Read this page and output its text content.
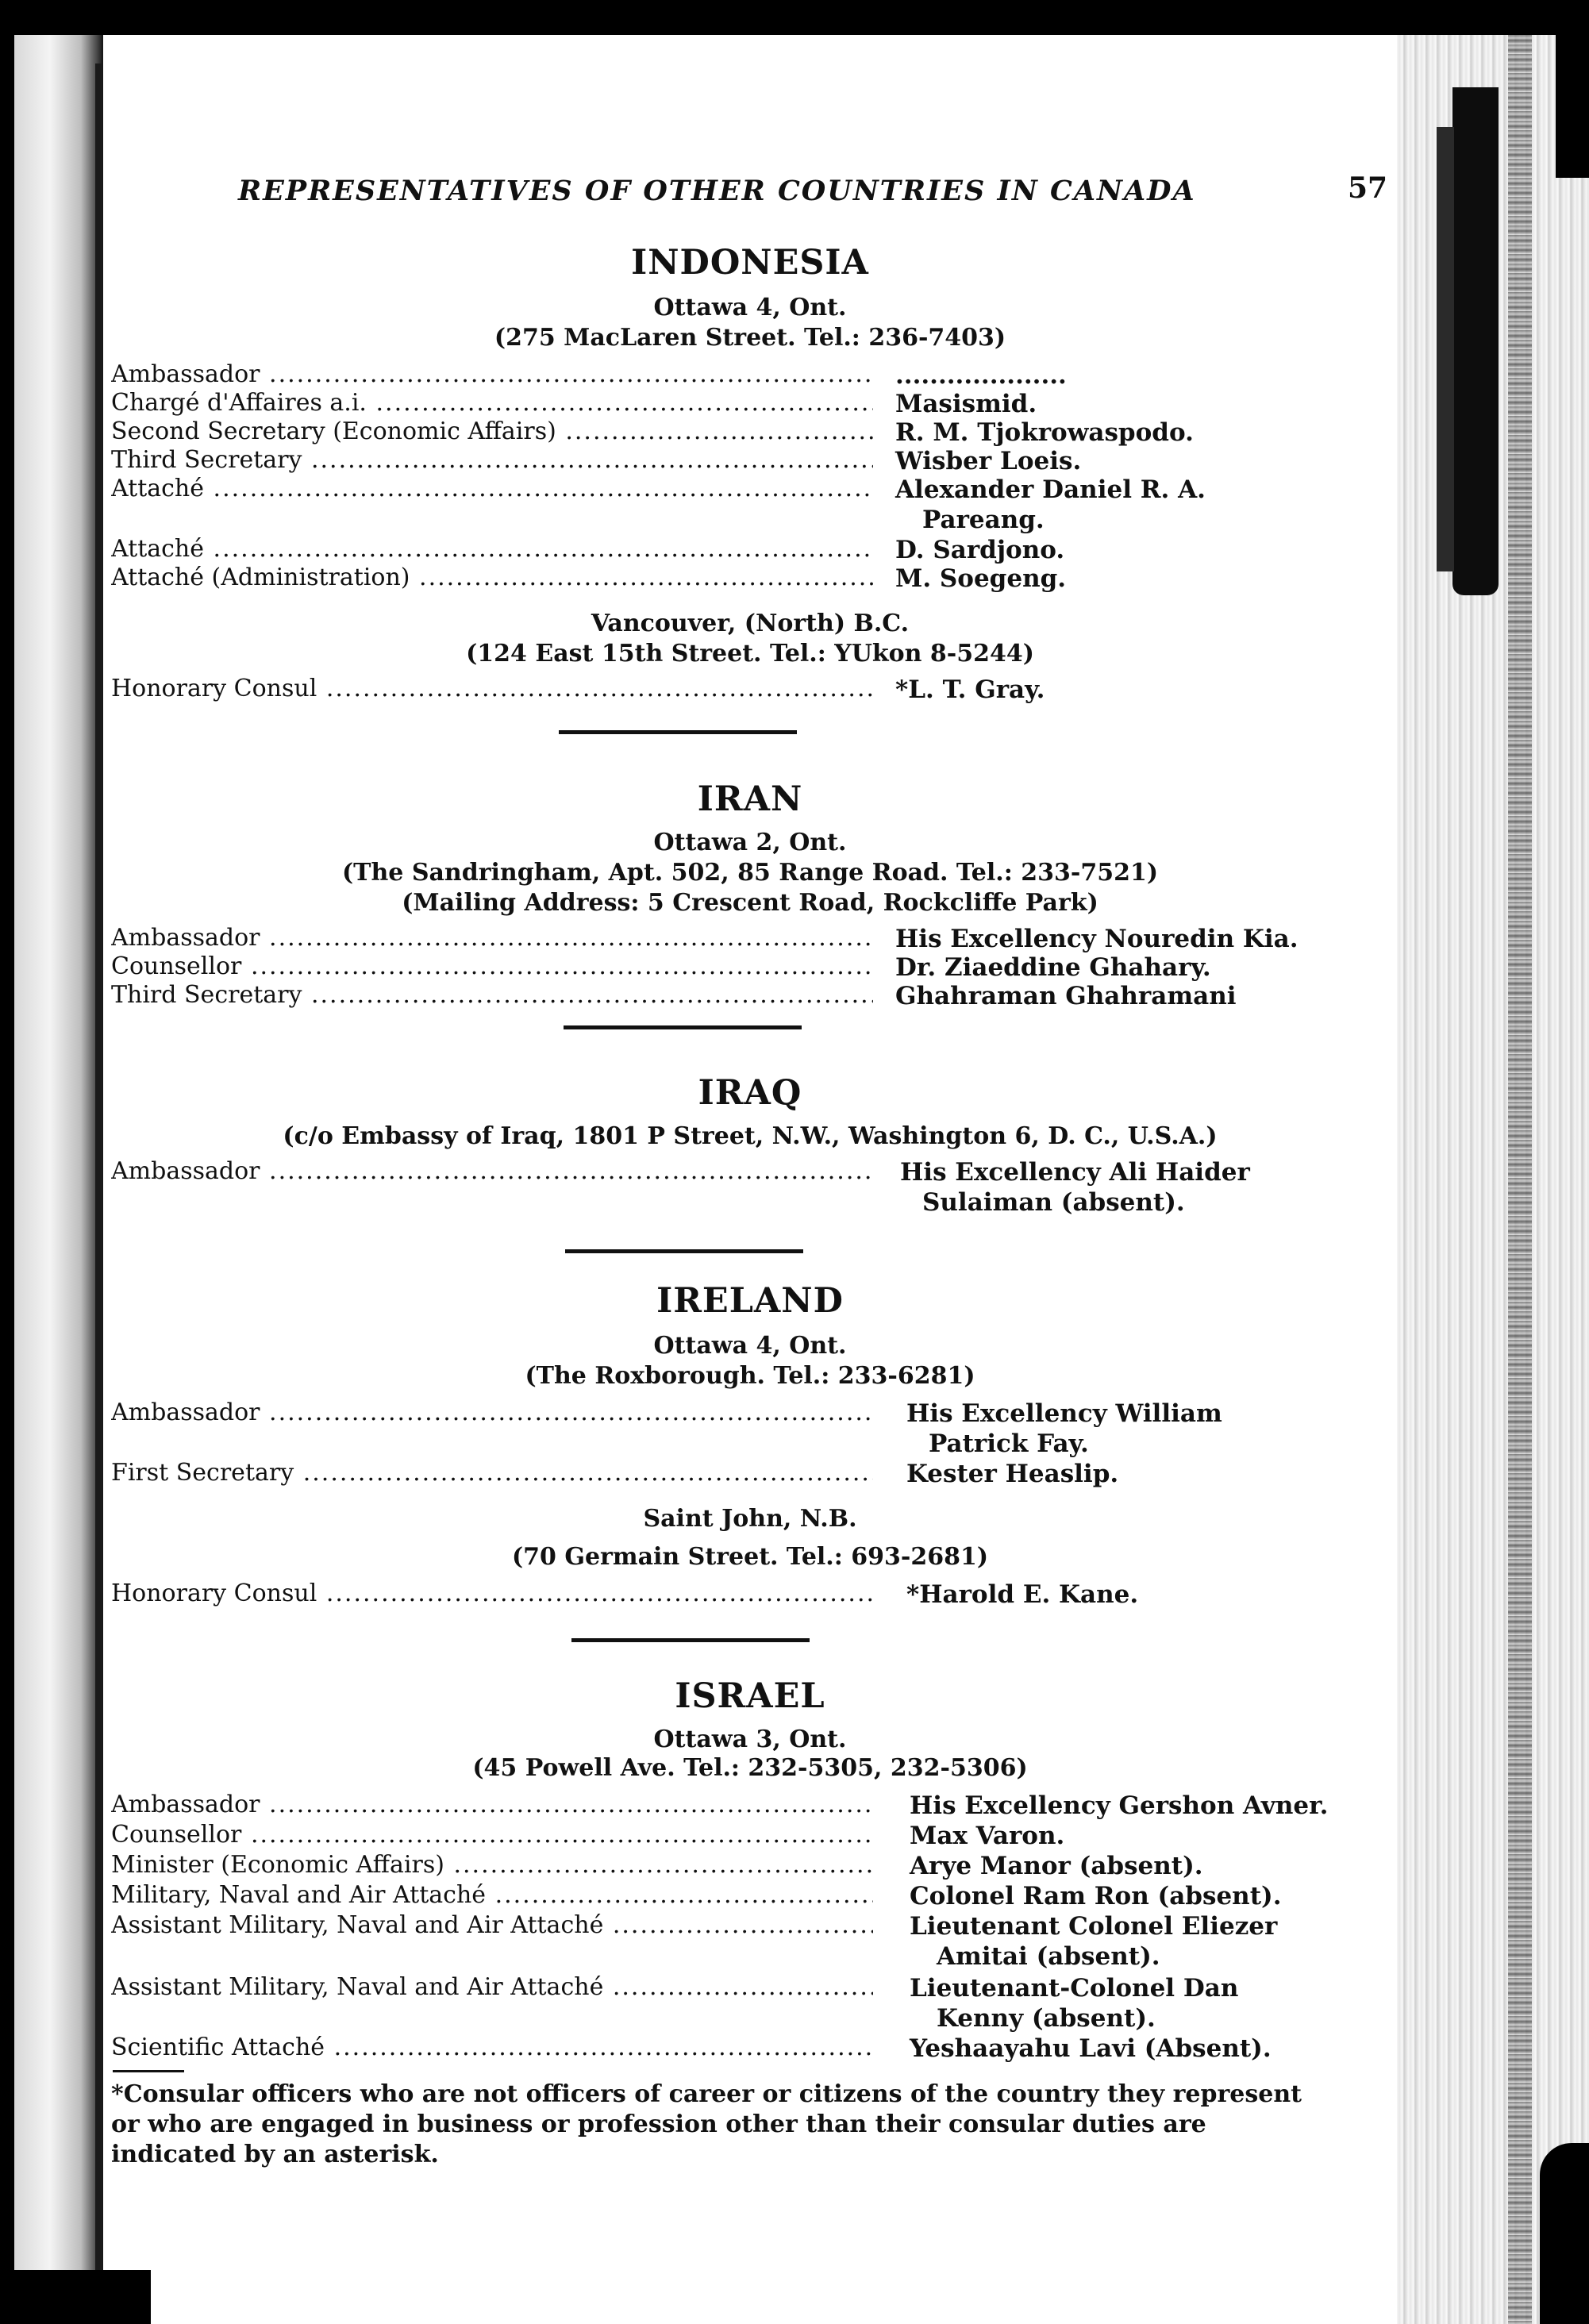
REPRESENTATIVES OF OTHER COUNTRIES IN CANADA	57
INDONESIA
Ottawa 4, Ont.
(275 MacLaren Street. Tel.: 236-7403)
Ambassador .....	....................
Chargé d'Affaires a.i. .....	Masismid.
Second Secretary (Economic Affairs) .....	R. M. Tjokrowaspodo.
Third Secretary .....	Wisber Loeis.
Attaché .....	Alexander Daniel R. A.
Pareang.
Attaché .....	D. Sardjono.
Attaché (Administration) .....	M. Soegeng.
Vancouver, (North) B.C.
(124 East 15th Street. Tel.: YUkon 8-5244)
Honorary Consul .....	*L. T. Gray.
IRAN
Ottawa 2, Ont.
(The Sandringham, Apt. 502, 85 Range Road. Tel.: 233-7521)
(Mailing Address: 5 Crescent Road, Rockcliffe Park)
Ambassador .....	His Excellency Nouredin Kia.
Counsellor .....	Dr. Ziaeddine Ghahary.
Third Secretary .....	Ghahraman Ghahramani
IRAQ
(c/o Embassy of Iraq, 1801 P Street, N.W., Washington 6, D. C., U.S.A.)
Ambassador .....	His Excellency Ali Haider
Sulaiman (absent).
IRELAND
Ottawa 4, Ont.
(The Roxborough. Tel.: 233-6281)
Ambassador .....	His Excellency William
Patrick Fay.
First Secretary .....	Kester Heaslip.
Saint John, N.B.
(70 Germain Street. Tel.: 693-2681)
Honorary Consul .....	*Harold E. Kane.
ISRAEL
Ottawa 3, Ont.
(45 Powell Ave. Tel.: 232-5305, 232-5306)
Ambassador .....	His Excellency Gershon Avner.
Counsellor .....	Max Varon.
Minister (Economic Affairs) .....	Arye Manor (absent).
Military, Naval and Air Attaché .....	Colonel Ram Ron (absent).
Assistant Military, Naval and Air Attaché .....	Lieutenant Colonel Eliezer
Amitai (absent).
Assistant Military, Naval and Air Attaché .....	Lieutenant-Colonel Dan
Kenny (absent).
Scientific Attaché .....	Yeshaayahu Lavi (Absent).
*Consular officers who are not officers of career or citizens of the country they represent or who are engaged in business or profession other than their consular duties are indicated by an asterisk.
